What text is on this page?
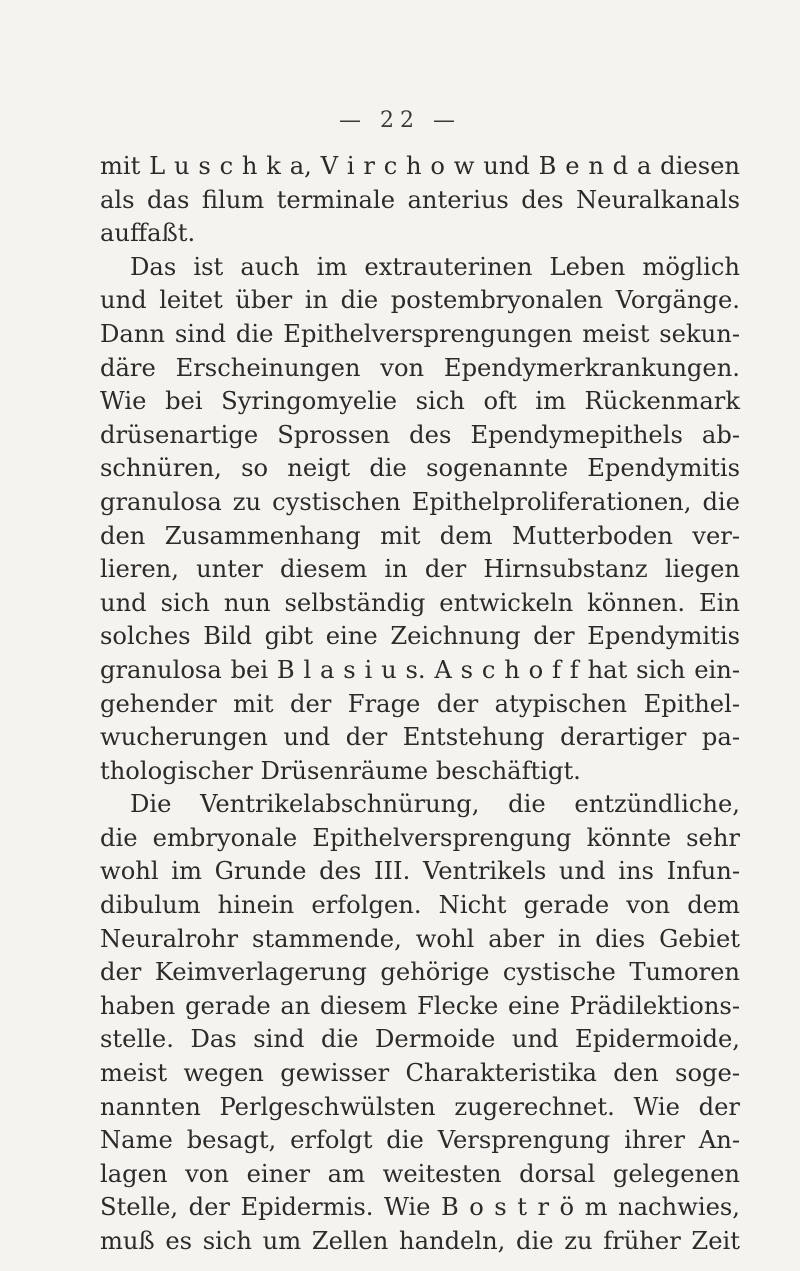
— 22 —
mit L u s c h k a, V i r c h o w und B e n d a diesen
als das filum terminale anterius des Neuralkanals
auffaßt.
Das ist auch im extrauterinen Leben möglich
und leitet über in die postembryonalen Vorgänge.
Dann sind die Epithelversprengungen meist sekun-
däre Erscheinungen von Ependymerkrankungen.
Wie bei Syringomyelie sich oft im Rückenmark
drüsenartige Sprossen des Ependymepithels ab-
schnüren, so neigt die sogenannte Ependymitis
granulosa zu cystischen Epithelproliferationen, die
den Zusammenhang mit dem Mutterboden ver-
lieren, unter diesem in der Hirnsubstanz liegen
und sich nun selbständig entwickeln können. Ein
solches Bild gibt eine Zeichnung der Ependymitis
granulosa bei B l a s i u s. A s c h o f f hat sich ein-
gehender mit der Frage der atypischen Epithel-
wucherungen und der Entstehung derartiger pa-
thologischer Drüsenräume beschäftigt.
Die Ventrikelabschnürung, die entzündliche,
die embryonale Epithelversprengung könnte sehr
wohl im Grunde des III. Ventrikels und ins Infun-
dibulum hinein erfolgen. Nicht gerade von dem
Neuralrohr stammende, wohl aber in dies Gebiet
der Keimverlagerung gehörige cystische Tumoren
haben gerade an diesem Flecke eine Prädilektions-
stelle. Das sind die Dermoide und Epidermoide,
meist wegen gewisser Charakteristika den soge-
nannten Perlgeschwülsten zugerechnet. Wie der
Name besagt, erfolgt die Versprengung ihrer An-
lagen von einer am weitesten dorsal gelegenen
Stelle, der Epidermis. Wie B o s t r ö m nachwies,
muß es sich um Zellen handeln, die zu früher Zeit
